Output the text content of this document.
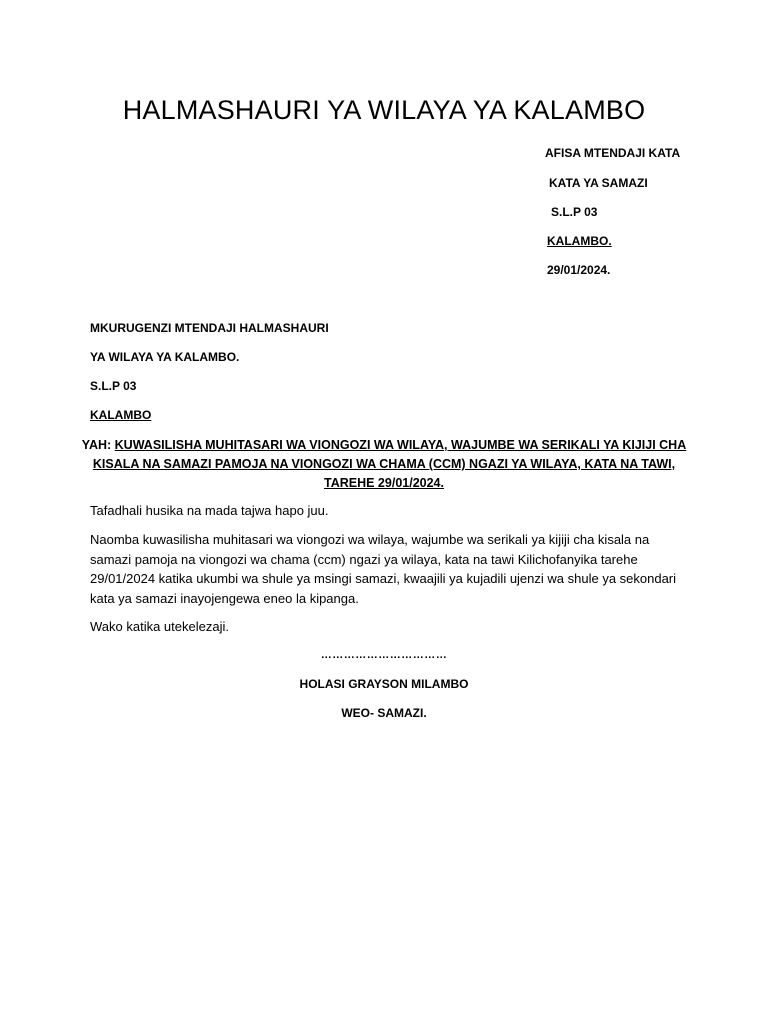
HALMASHAURI YA WILAYA YA KALAMBO
AFISA MTENDAJI KATA
KATA YA SAMAZI
S.L.P 03
KALAMBO.
29/01/2024.
MKURUGENZI MTENDAJI HALMASHAURI
YA WILAYA YA KALAMBO.
S.L.P 03
KALAMBO
YAH: KUWASILISHA MUHITASARI WA VIONGOZI WA WILAYA, WAJUMBE WA SERIKALI YA KIJIJI CHA KISALA NA SAMAZI PAMOJA NA VIONGOZI WA CHAMA (CCM) NGAZI YA WILAYA, KATA NA TAWI, TAREHE 29/01/2024.
Tafadhali husika na mada tajwa hapo juu.
Naomba kuwasilisha muhitasari wa viongozi wa wilaya, wajumbe wa serikali ya kijiji cha kisala na samazi pamoja na viongozi wa chama (ccm) ngazi ya wilaya, kata na tawi Kilichofanyika tarehe 29/01/2024 katika ukumbi wa shule ya msingi samazi, kwaajili ya kujadili ujenzi wa shule ya sekondari kata ya samazi inayojengewa eneo la kipanga.
Wako katika utekelezaji.
……………………………
HOLASI GRAYSON MILAMBO
WEO- SAMAZI.
